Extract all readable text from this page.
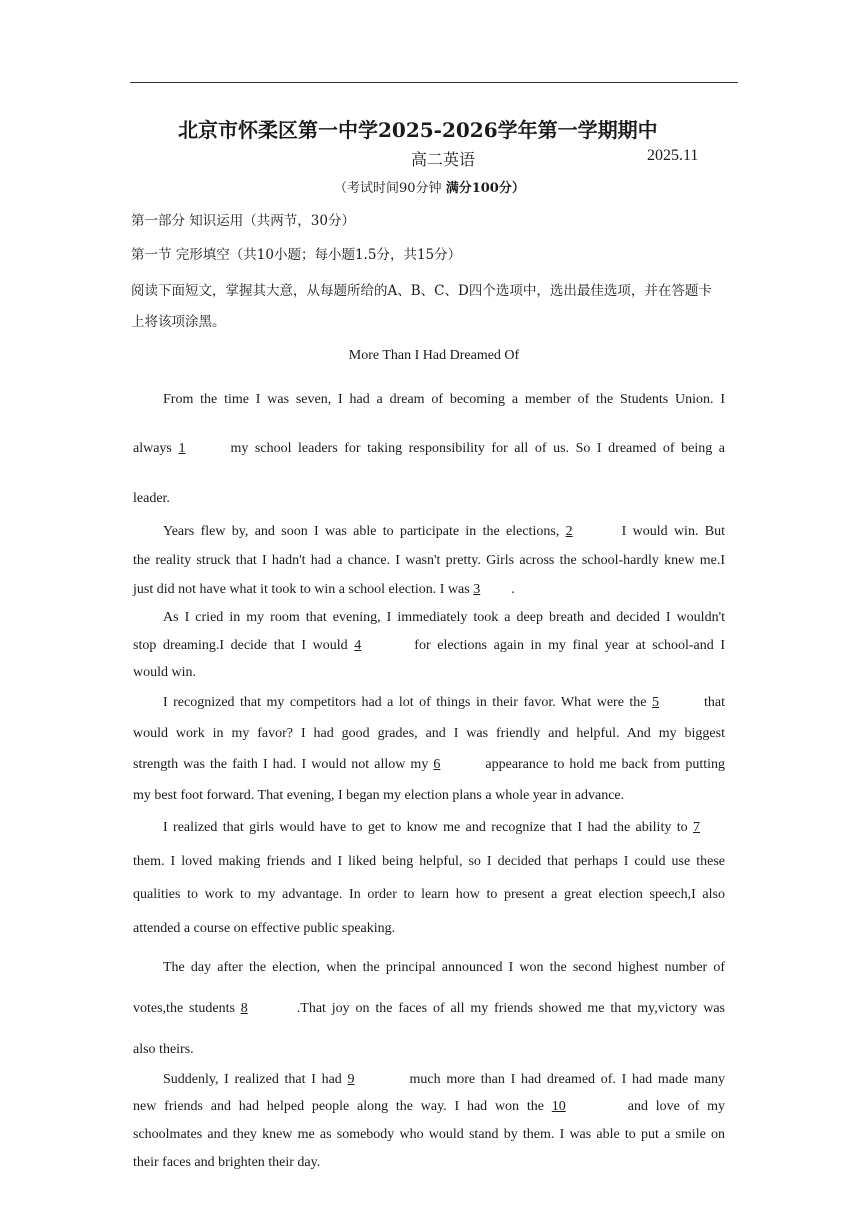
北京市怀柔区第一中学2025-2026学年第一学期期中
高二英语	2025.11
（考试时间90分钟 满分100分）
第一部分 知识运用（共两节，30分）
第一节 完形填空（共10小题；每小题1.5分，共15分）
阅读下面短文，掌握其大意，从每题所给的A、B、C、D四个选项中，选出最佳选项，并在答题卡上将该项涂黑。
More Than I Had Dreamed Of
From the time I was seven, I had a dream of becoming a member of the Students Union. I
always 1	my school leaders for taking responsibility for all of us. So I dreamed of being a
leader.
Years flew by, and soon I was able to participate in the elections, 2	I would win. But
the reality struck that I hadn't had a chance. I wasn't pretty. Girls across the school-hardly knew me.I
just did not have what it took to win a school election. I was 3 .
As I cried in my room that evening, I immediately took a deep breath and decided I wouldn't
stop dreaming.I decide that I would 4	for elections again in my final year at school-and I
would win.
I recognized that my competitors had a lot of things in their favor. What were the 5	that
would work in my favor? I had good grades, and I was friendly and helpful. And my biggest
strength was the faith I had. I would not allow my 6	appearance to hold me back from putting
my best foot forward. That evening, I began my election plans a whole year in advance.
I realized that girls would have to get to know me and recognize that I had the ability to 7
them. I loved making friends and I liked being helpful, so I decided that perhaps I could use these
qualities to work to my advantage. In order to learn how to present a great election speech,I also
attended a course on effective public speaking.
The day after the election, when the principal announced I won the second highest number of
votes,the students 8	.That joy on the faces of all my friends showed me that my,victory was
also theirs.
Suddenly, I realized that I had 9	much more than I had dreamed of. I had made many
new friends and had helped people along the way. I had won the 10	and love of my
schoolmates and they knew me as somebody who would stand by them. I was able to put a smile on
their faces and brighten their day.
